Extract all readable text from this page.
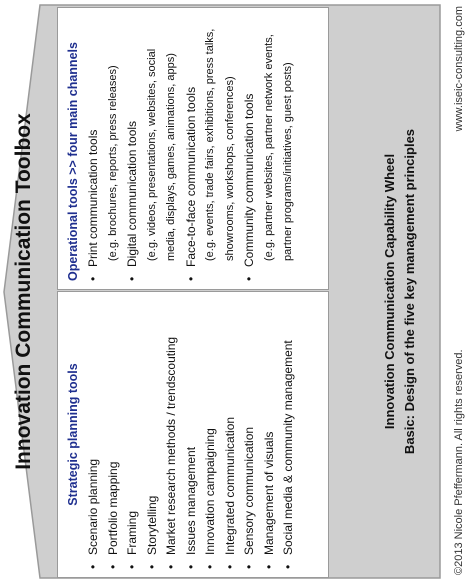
Innovation Communication Toolbox Strategic planning tools
• Scenario planning • Portfolio mapping • Framing • Storytelling • Market research methods / trendscouting • Issues management • Innovation campaigning • Integrated communication • Sensory communication • Management of visuals • Social media & community management
Operational tools >> four main channels • Print communication tools (e.g. brochures, reports, press releases) • Digital communication tools (e.g. videos, presentations, websites, social media, displays, games, animations, apps) • Face-to-face communication tools (e.g. events, trade fairs, exhibitions, press talks, showrooms, workshops, conferences) • Community communication tools (e.g. partner websites, partner network events, partner programs/initiatives, guest posts)	Innovation Communication Capability Wheel Basic: Design of the five key management principles
©2013 Nicole Pfeffermann. All rights reserved.
www.iseic-consulting.com
